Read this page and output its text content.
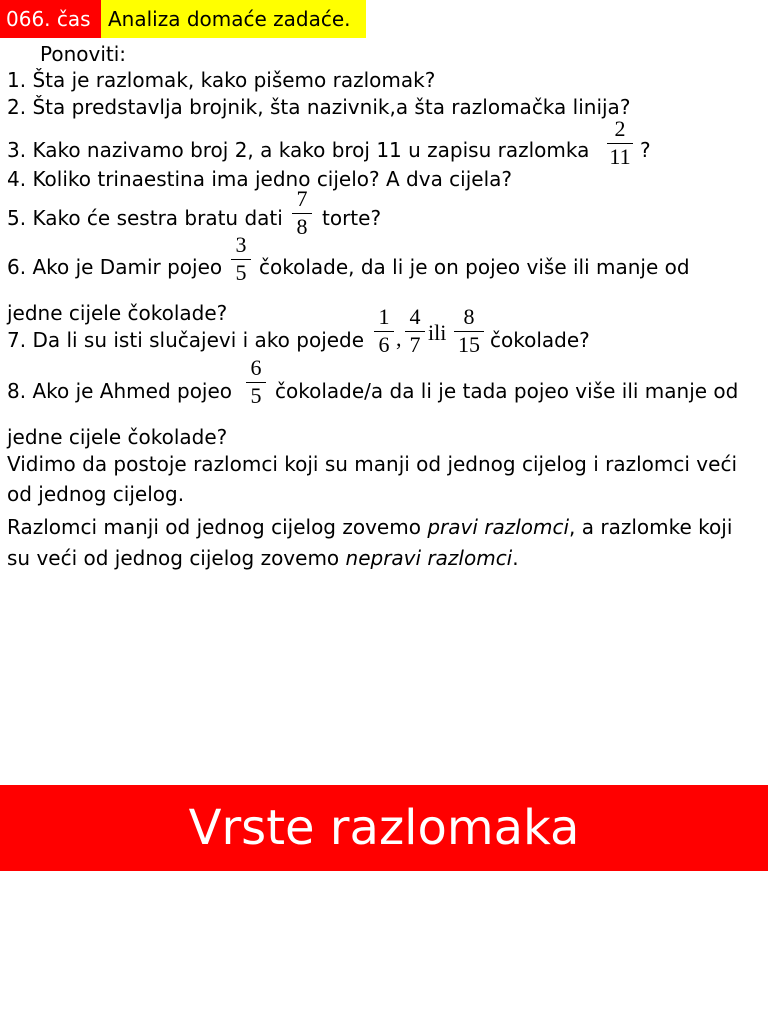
066. čas Analiza domaće zadaće.
Ponoviti:
1. Šta je razlomak, kako pišemo razlomak?
2. Šta predstavlja brojnik, šta nazivnik,a šta razlomačka linija?
3. Kako nazivamo broj 2, a kako broj 11 u zapisu razlomka
2
11 ?
4. Koliko trinaestina ima jedno cijelo? A dva cijela?
5. Kako će sestra bratu dati
7
8 torte?
6. Ako je Damir pojeo
3
5 čokolade, da li je on pojeo više ili manje od
jedne cijele čokolade?
7. Da li su isti slučajevi i ako pojede
1
6 ,
4
7 ili
8
15 čokolade?
8. Ako je Ahmed pojeo
6
5 čokolade/a da li je tada pojeo više ili manje od
jedne cijele čokolade?
Vidimo da postoje razlomci koji su manji od jednog cijelog i razlomci veći
od jednog cijelog.
Razlomci manji od jednog cijelog zovemo pravi razlomci, a razlomke koji
su veći od jednog cijelog zovemo nepravi razlomci.
Vrste razlomaka
